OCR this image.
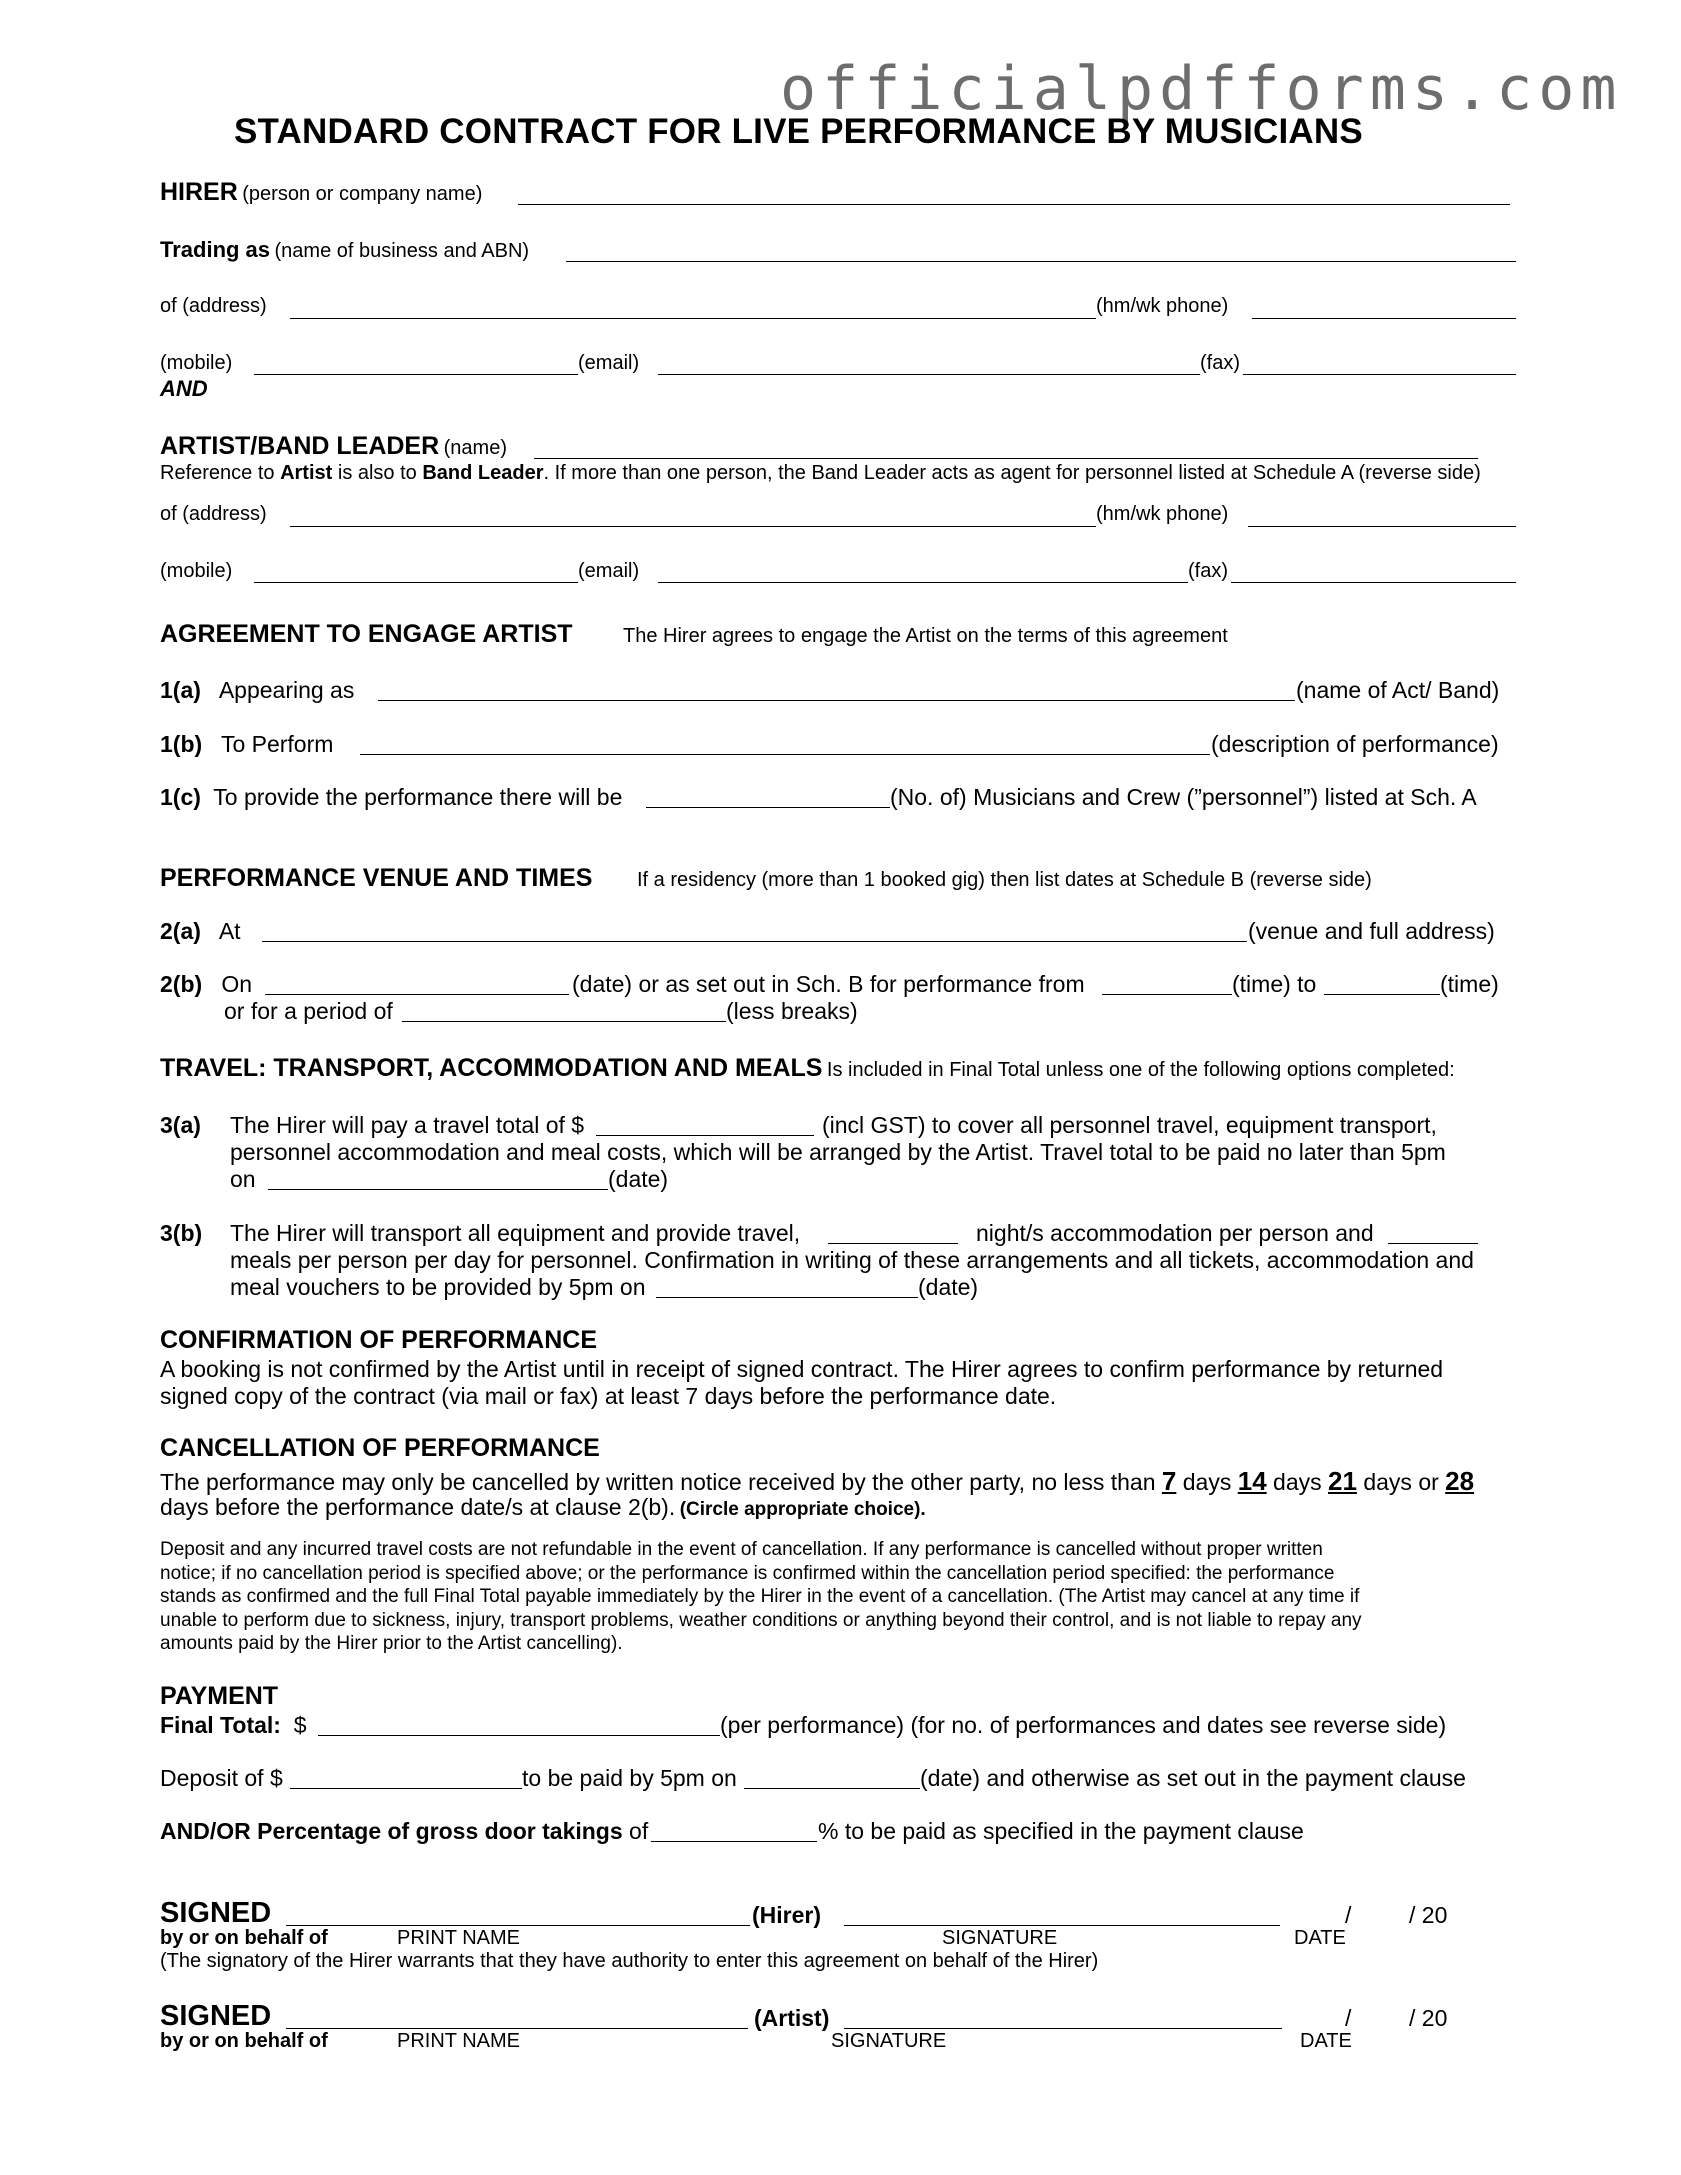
officialpdfforms.com
STANDARD CONTRACT FOR LIVE PERFORMANCE BY MUSICIANS
HIRER (person or company name)
Trading as (name of business and ABN)
of (address)	(hm/wk phone)
(mobile)	(email)	(fax)
AND
ARTIST/BAND LEADER (name)
Reference to Artist is also to Band Leader. If more than one person, the Band Leader acts as agent for personnel listed at Schedule A (reverse side)
of (address)	(hm/wk phone)
(mobile)	(email)	(fax)
AGREEMENT TO ENGAGE ARTIST	The Hirer agrees to engage the Artist on the terms of this agreement
1(a) Appearing as	(name of Act/ Band)
1(b) To Perform	(description of performance)
1(c) To provide the performance there will be	(No. of) Musicians and Crew (”personnel”) listed at Sch. A
PERFORMANCE VENUE AND TIMES If a residency (more than 1 booked gig) then list dates at Schedule B (reverse side)
2(a) At	(venue and full address)
2(b) On	(date) or as set out in Sch. B for performance from	(time) to	(time)
or for a period of	(less breaks)
TRAVEL: TRANSPORT, ACCOMMODATION AND MEALS Is included in Final Total unless one of the following options completed:
3(a) The Hirer will pay a travel total of $	(incl GST) to cover all personnel travel, equipment transport,
personnel accommodation and meal costs, which will be arranged by the Artist. Travel total to be paid no later than 5pm
on	(date)
3(b) The Hirer will transport all equipment and provide travel,	night/s accommodation per person and
meals per person per day for personnel. Confirmation in writing of these arrangements and all tickets, accommodation and
meal vouchers to be provided by 5pm on	(date)
CONFIRMATION OF PERFORMANCE
A booking is not confirmed by the Artist until in receipt of signed contract. The Hirer agrees to confirm performance by returned
signed copy of the contract (via mail or fax) at least 7 days before the performance date.
CANCELLATION OF PERFORMANCE
The performance may only be cancelled by written notice received by the other party, no less than 7 days 14 days 21 days or 28
days before the performance date/s at clause 2(b). (Circle appropriate choice).
Deposit and any incurred travel costs are not refundable in the event of cancellation. If any performance is cancelled without proper written
notice; if no cancellation period is specified above; or the performance is confirmed within the cancellation period specified: the performance
stands as confirmed and the full Final Total payable immediately by the Hirer in the event of a cancellation. (The Artist may cancel at any time if
unable to perform due to sickness, injury, transport problems, weather conditions or anything beyond their control, and is not liable to repay any
amounts paid by the Hirer prior to the Artist cancelling).
PAYMENT
Final Total: $	(per performance) (for no. of performances and dates see reverse side)
Deposit of $	to be paid by 5pm on	(date) and otherwise as set out in the payment clause
AND/OR Percentage of gross door takings of	% to be paid as specified in the payment clause
SIGNED	(Hirer)	/	/ 20
by or on behalf of	PRINT NAME	SIGNATURE	DATE
(The signatory of the Hirer warrants that they have authority to enter this agreement on behalf of the Hirer)
SIGNED	(Artist)	/	/ 20
by or on behalf of	PRINT NAME	SIGNATURE	DATE
